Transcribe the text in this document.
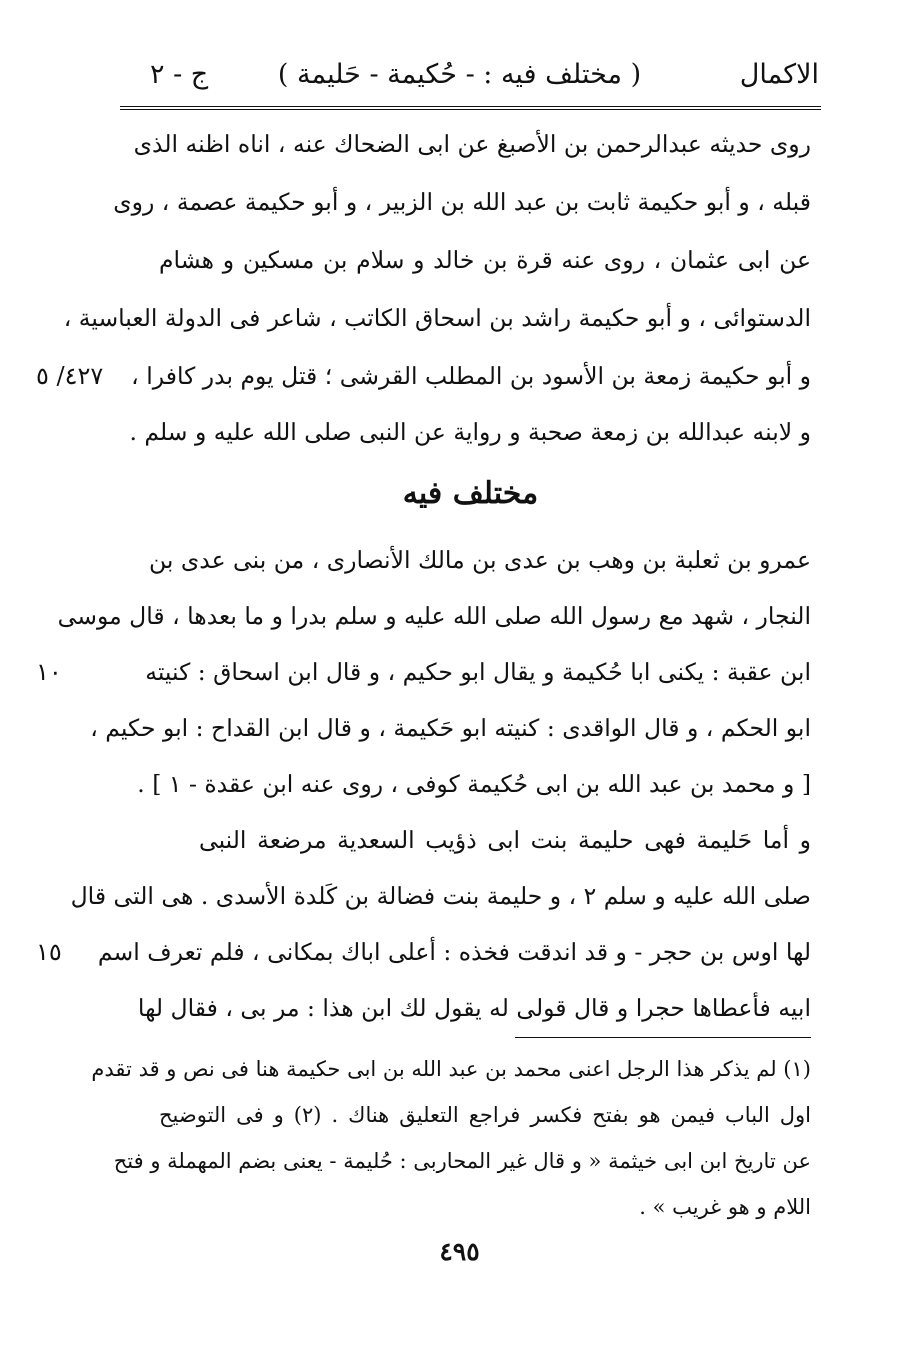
الاكمال
( مختلف فيه : - حُكيمة - حَليمة )
ج - ٢
روى حديثه عبدالرحمن بن الأصبغ عن ابى الضحاك عنه ، اناه اظنه الذى
قبله ، و أبو حكيمة ثابت بن عبد الله بن الزبير ، و أبو حكيمة عصمة ، روى
عن ابى عثمان ، روى عنه قرة بن خالد و سلام بن مسكين و هشام
الدستوائى ، و أبو حكيمة راشد بن اسحاق الكاتب ، شاعر فى الدولة العباسية ،
و أبو حكيمة زمعة بن الأسود بن المطلب القرشى ؛ قتل يوم بدر كافرا ،
٤٢٧/ ٥
و لابنه عبدالله بن زمعة صحبة و رواية عن النبى صلى الله عليه و سلم .
مختلف فيه
عمرو بن ثعلبة بن وهب بن عدى بن مالك الأنصارى ، من بنى عدى بن
النجار ، شهد مع رسول الله صلى الله عليه و سلم بدرا و ما بعدها ، قال موسى
ابن عقبة : يكنى ابا حُكيمة و يقال ابو حكيم ، و قال ابن اسحاق : كنيته
١٠
ابو الحكم ، و قال الواقدى : كنيته ابو حَكيمة ، و قال ابن القداح : ابو حكيم ،
[ و محمد بن عبد الله بن ابى حُكيمة كوفى ، روى عنه ابن عقدة - ١ ] .
و أما حَليمة فهى حليمة بنت ابى ذؤيب السعدية مرضعة النبى
صلى الله عليه و سلم ٢ ، و حليمة بنت فضالة بن كَلدة الأسدى . هى التى قال
لها اوس بن حجر - و قد اندقت فخذه : أعلى اباك بمكانى ، فلم تعرف اسم
١٥
ابيه فأعطاها حجرا و قال قولى له يقول لك ابن هذا : مر بى ، فقال لها
(١) لم يذكر هذا الرجل اعنى محمد بن عبد الله بن ابى حكيمة هنا فى نص و قد تقدم
اول الباب فيمن هو بفتح فكسر فراجع التعليق هناك . (٢) و فى التوضيح
عن تاريخ ابن ابى خيثمة « و قال غير المحاربى : حُليمة - يعنى بضم المهملة و فتح
اللام و هو غريب » .
٤٩٥
